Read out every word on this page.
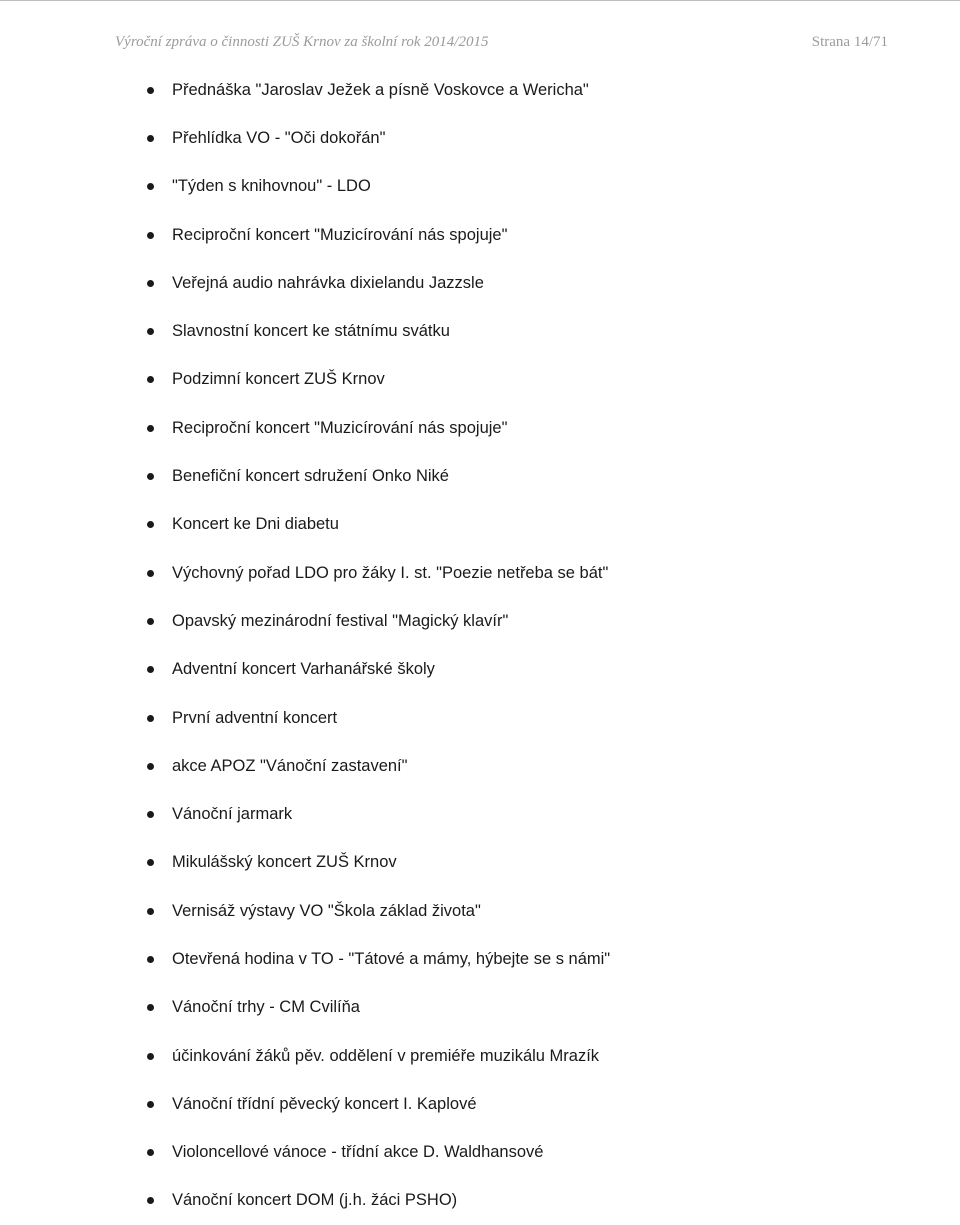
Výroční zpráva o činnosti ZUŠ Krnov za školní rok 2014/2015	Strana 14/71
Přednáška "Jaroslav Ježek a písně Voskovce a Wericha"
Přehlídka VO - "Oči dokořán"
"Týden s knihovnou" - LDO
Reciproční koncert "Muzicírování nás spojuje"
Veřejná audio nahrávka dixielandu Jazzsle
Slavnostní koncert ke státnímu svátku
Podzimní koncert ZUŠ Krnov
Reciproční koncert "Muzicírování nás spojuje"
Benefiční koncert sdružení Onko Niké
Koncert ke Dni diabetu
Výchovný pořad LDO pro žáky I. st. "Poezie netřeba se bát"
Opavský mezinárodní festival "Magický klavír"
Adventní koncert Varhanářské školy
První adventní koncert
akce APOZ "Vánoční zastavení"
Vánoční jarmark
Mikulášský koncert ZUŠ Krnov
Vernisáž výstavy VO "Škola základ života"
Otevřená hodina v TO - "Tátové a mámy, hýbejte se s námi"
Vánoční trhy - CM Cvilíňa
účinkování žáků pěv. oddělení v premiéře muzikálu Mrazík
Vánoční třídní pěvecký koncert I. Kaplové
Violoncellové vánoce - třídní akce D. Waldhansové
Vánoční koncert DOM (j.h. žáci PSHO)
